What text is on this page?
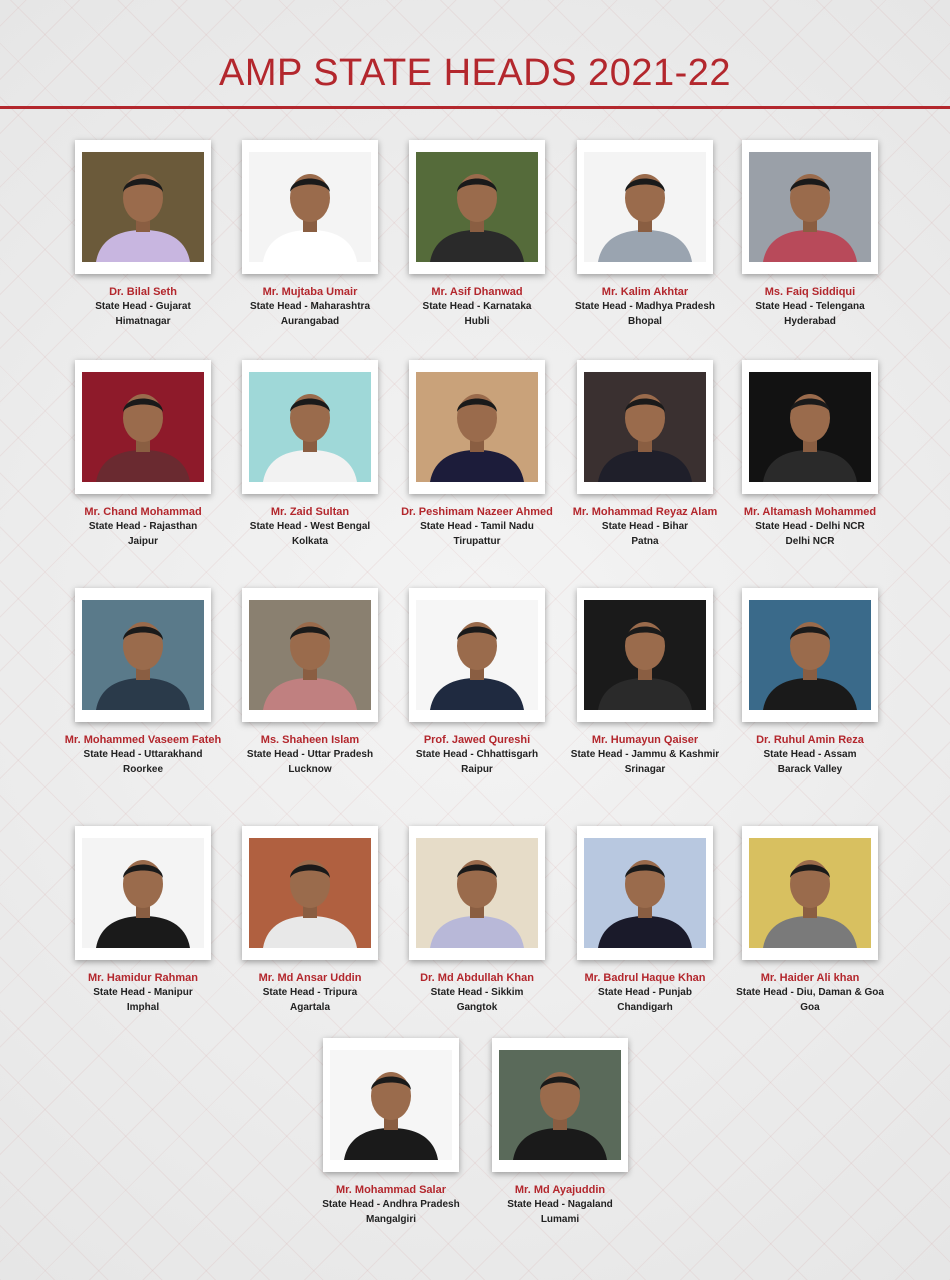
AMP STATE HEADS 2021-22
Dr. Bilal Seth
State Head - Gujarat
Himatnagar
Mr. Mujtaba Umair
State Head - Maharashtra
Aurangabad
Mr. Asif Dhanwad
State Head - Karnataka
Hubli
Mr. Kalim Akhtar
State Head - Madhya Pradesh
Bhopal
Ms. Faiq Siddiqui
State Head - Telengana
Hyderabad
Mr. Chand Mohammad
State Head - Rajasthan
Jaipur
Mr. Zaid Sultan
State Head - West Bengal
Kolkata
Dr. Peshimam Nazeer Ahmed
State Head - Tamil Nadu
Tirupattur
Mr. Mohammad Reyaz Alam
State Head - Bihar
Patna
Mr. Altamash Mohammed
State Head - Delhi NCR
Delhi NCR
Mr. Mohammed Vaseem Fateh
State Head - Uttarakhand
Roorkee
Ms. Shaheen Islam
State Head - Uttar Pradesh
Lucknow
Prof. Jawed Qureshi
State Head - Chhattisgarh
Raipur
Mr. Humayun Qaiser
State Head - Jammu & Kashmir
Srinagar
Dr. Ruhul Amin Reza
State Head - Assam
Barack Valley
Mr. Hamidur Rahman
State Head - Manipur
Imphal
Mr. Md Ansar Uddin
State Head - Tripura
Agartala
Dr. Md Abdullah Khan
State Head - Sikkim
Gangtok
Mr. Badrul Haque Khan
State Head - Punjab
Chandigarh
Mr. Haider Ali khan
State Head - Diu, Daman & Goa
Goa
Mr. Mohammad Salar
State Head - Andhra Pradesh
Mangalgiri
Mr. Md Ayajuddin
State Head - Nagaland
Lumami
